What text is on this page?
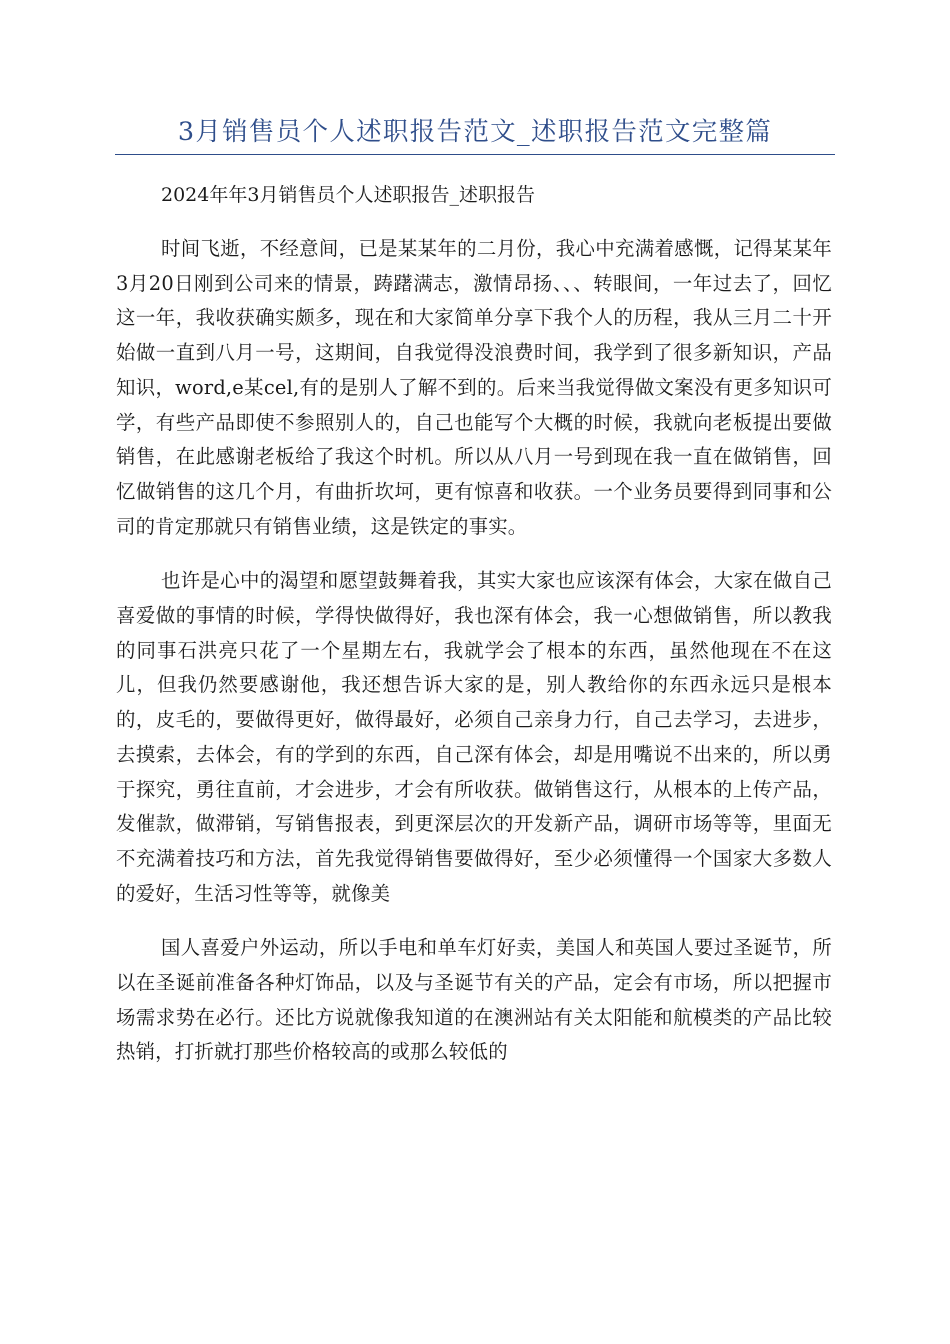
3月销售员个人述职报告范文_述职报告范文完整篇

2024年年3月销售员个人述职报告_述职报告

时间飞逝，不经意间，已是某某年的二月份，我心中充满着感慨，记得某某年3月20日刚到公司来的情景，踌躇满志，激情昂扬、、、转眼间，一年过去了，回忆这一年，我收获确实颇多，现在和大家简单分享下我个人的历程，我从三月二十开始做一直到八月一号，这期间，自我觉得没浪费时间，我学到了很多新知识，产品知识，word,e某cel,有的是别人了解不到的。后来当我觉得做文案没有更多知识可学，有些产品即使不参照别人的，自己也能写个大概的时候，我就向老板提出要做销售，在此感谢老板给了我这个时机。所以从八月一号到现在我一直在做销售，回忆做销售的这几个月，有曲折坎坷，更有惊喜和收获。一个业务员要得到同事和公司的肯定那就只有销售业绩，这是铁定的事实。

也许是心中的渴望和愿望鼓舞着我，其实大家也应该深有体会，大家在做自己喜爱做的事情的时候，学得快做得好，我也深有体会，我一心想做销售，所以教我的同事石洪亮只花了一个星期左右，我就学会了根本的东西，虽然他现在不在这儿，但我仍然要感谢他，我还想告诉大家的是，别人教给你的东西永远只是根本的，皮毛的，要做得更好，做得最好，必须自己亲身力行，自己去学习，去进步，去摸索，去体会，有的学到的东西，自己深有体会，却是用嘴说不出来的，所以勇于探究，勇往直前，才会进步，才会有所收获。做销售这行，从根本的上传产品，发催款，做滞销，写销售报表，到更深层次的开发新产品，调研市场等等，里面无不充满着技巧和方法，首先我觉得销售要做得好，至少必须懂得一个国家大多数人的爱好，生活习性等等，就像美

国人喜爱户外运动，所以手电和单车灯好卖，美国人和英国人要过圣诞节，所以在圣诞前准备各种灯饰品，以及与圣诞节有关的产品，定会有市场，所以把握市场需求势在必行。还比方说就像我知道的在澳洲站有关太阳能和航模类的产品比较热销，打折就打那些价格较高的或那么较低的
